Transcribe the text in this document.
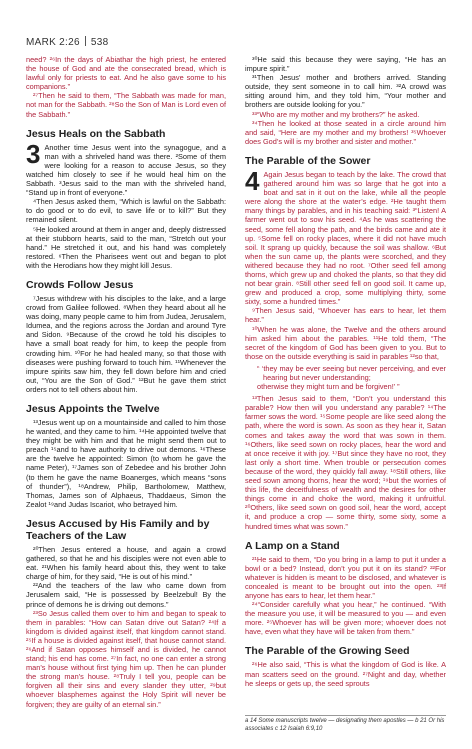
MARK 2:26 538

need? ²⁶In the days of Abiathar the high priest, he entered the house of God and ate the consecrated bread, which is lawful only for priests to eat. And he also gave some to his companions.”

²⁷Then he said to them, “The Sabbath was made for man, not man for the Sabbath. ²⁸So the Son of Man is Lord even of the Sabbath.”

Jesus Heals on the Sabbath

3 Another time Jesus went into the synagogue, and a man with a shriveled hand was there. ²Some of them were looking for a reason to accuse Jesus, so they watched him closely to see if he would heal him on the Sabbath. ³Jesus said to the man with the shriveled hand, “Stand up in front of everyone.”

⁴Then Jesus asked them, “Which is lawful on the Sabbath: to do good or to do evil, to save life or to kill?” But they remained silent.

⁵He looked around at them in anger and, deeply distressed at their stubborn hearts, said to the man, “Stretch out your hand.” He stretched it out, and his hand was completely restored. ⁶Then the Pharisees went out and began to plot with the Herodians how they might kill Jesus.

Crowds Follow Jesus

⁷Jesus withdrew with his disciples to the lake, and a large crowd from Galilee followed. ⁸When they heard about all he was doing, many people came to him from Judea, Jerusalem, Idumea, and the regions across the Jordan and around Tyre and Sidon. ⁹Because of the crowd he told his disciples to have a small boat ready for him, to keep the people from crowding him. ¹⁰For he had healed many, so that those with diseases were pushing forward to touch him. ¹¹Whenever the impure spirits saw him, they fell down before him and cried out, “You are the Son of God.” ¹²But he gave them strict orders not to tell others about him.

Jesus Appoints the Twelve

¹³Jesus went up on a mountainside and called to him those he wanted, and they came to him. ¹⁴He appointed twelve that they might be with him and that he might send them out to preach ¹⁵and to have authority to drive out demons. ¹⁶These are the twelve he appointed: Simon (to whom he gave the name Peter), ¹⁷James son of Zebedee and his brother John (to them he gave the name Boanerges, which means “sons of thunder”), ¹⁸Andrew, Philip, Bartholomew, Matthew, Thomas, James son of Alphaeus, Thaddaeus, Simon the Zealot ¹⁹and Judas Iscariot, who betrayed him.

Jesus Accused by His Family and by Teachers of the Law

²⁰Then Jesus entered a house, and again a crowd gathered, so that he and his disciples were not even able to eat. ²¹When his family heard about this, they went to take charge of him, for they said, “He is out of his mind.”

²²And the teachers of the law who came down from Jerusalem said, “He is possessed by Beelzebul! By the prince of demons he is driving out demons.”

²³So Jesus called them over to him and began to speak to them in parables: “How can Satan drive out Satan? ²⁴If a kingdom is divided against itself, that kingdom cannot stand. ²⁵If a house is divided against itself, that house cannot stand. ²⁶And if Satan opposes himself and is divided, he cannot stand; his end has come. ²⁷In fact, no one can enter a strong man’s house without first tying him up. Then he can plunder the strong man’s house. ²⁸Truly I tell you, people can be forgiven all their sins and every slander they utter, ²⁹but whoever blasphemes against the Holy Spirit will never be forgiven; they are guilty of an eternal sin.”

³⁰He said this because they were saying, “He has an impure spirit.”

³¹Then Jesus’ mother and brothers arrived. Standing outside, they sent someone in to call him. ³²A crowd was sitting around him, and they told him, “Your mother and brothers are outside looking for you.”

³³“Who are my mother and my brothers?” he asked.

³⁴Then he looked at those seated in a circle around him and said, “Here are my mother and my brothers! ³⁵Whoever does God’s will is my brother and sister and mother.”

The Parable of the Sower

4 Again Jesus began to teach by the lake. The crowd that gathered around him was so large that he got into a boat and sat in it out on the lake, while all the people were along the shore at the water’s edge. ²He taught them many things by parables, and in his teaching said: ³“Listen! A farmer went out to sow his seed. ⁴As he was scattering the seed, some fell along the path, and the birds came and ate it up. ⁵Some fell on rocky places, where it did not have much soil. It sprang up quickly, because the soil was shallow. ⁶But when the sun came up, the plants were scorched, and they withered because they had no root. ⁷Other seed fell among thorns, which grew up and choked the plants, so that they did not bear grain. ⁸Still other seed fell on good soil. It came up, grew and produced a crop, some multiplying thirty, some sixty, some a hundred times.”

⁹Then Jesus said, “Whoever has ears to hear, let them hear.”

¹⁰When he was alone, the Twelve and the others around him asked him about the parables. ¹¹He told them, “The secret of the kingdom of God has been given to you. But to those on the outside everything is said in parables ¹²so that,

“ ‘they may be ever seeing but never perceiving, and ever hearing but never understanding;
otherwise they might turn and be forgiven!’ ”

¹³Then Jesus said to them, “Don’t you understand this parable? How then will you understand any parable? ¹⁴The farmer sows the word. ¹⁵Some people are like seed along the path, where the word is sown. As soon as they hear it, Satan comes and takes away the word that was sown in them. ¹⁶Others, like seed sown on rocky places, hear the word and at once receive it with joy. ¹⁷But since they have no root, they last only a short time. When trouble or persecution comes because of the word, they quickly fall away. ¹⁸Still others, like seed sown among thorns, hear the word; ¹⁹but the worries of this life, the deceitfulness of wealth and the desires for other things come in and choke the word, making it unfruitful. ²⁰Others, like seed sown on good soil, hear the word, accept it, and produce a crop — some thirty, some sixty, some a hundred times what was sown.”

A Lamp on a Stand

²¹He said to them, “Do you bring in a lamp to put it under a bowl or a bed? Instead, don’t you put it on its stand? ²²For whatever is hidden is meant to be disclosed, and whatever is concealed is meant to be brought out into the open. ²³If anyone has ears to hear, let them hear.”

²⁴“Consider carefully what you hear,” he continued. “With the measure you use, it will be measured to you — and even more. ²⁵Whoever has will be given more; whoever does not have, even what they have will be taken from them.”

The Parable of the Growing Seed

²⁶He also said, “This is what the kingdom of God is like. A man scatters seed on the ground. ²⁷Night and day, whether he sleeps or gets up, the seed sprouts

a 14 Some manuscripts twelve — designating them apostles — b 21 Or his associates c 12 Isaiah 6:9,10
